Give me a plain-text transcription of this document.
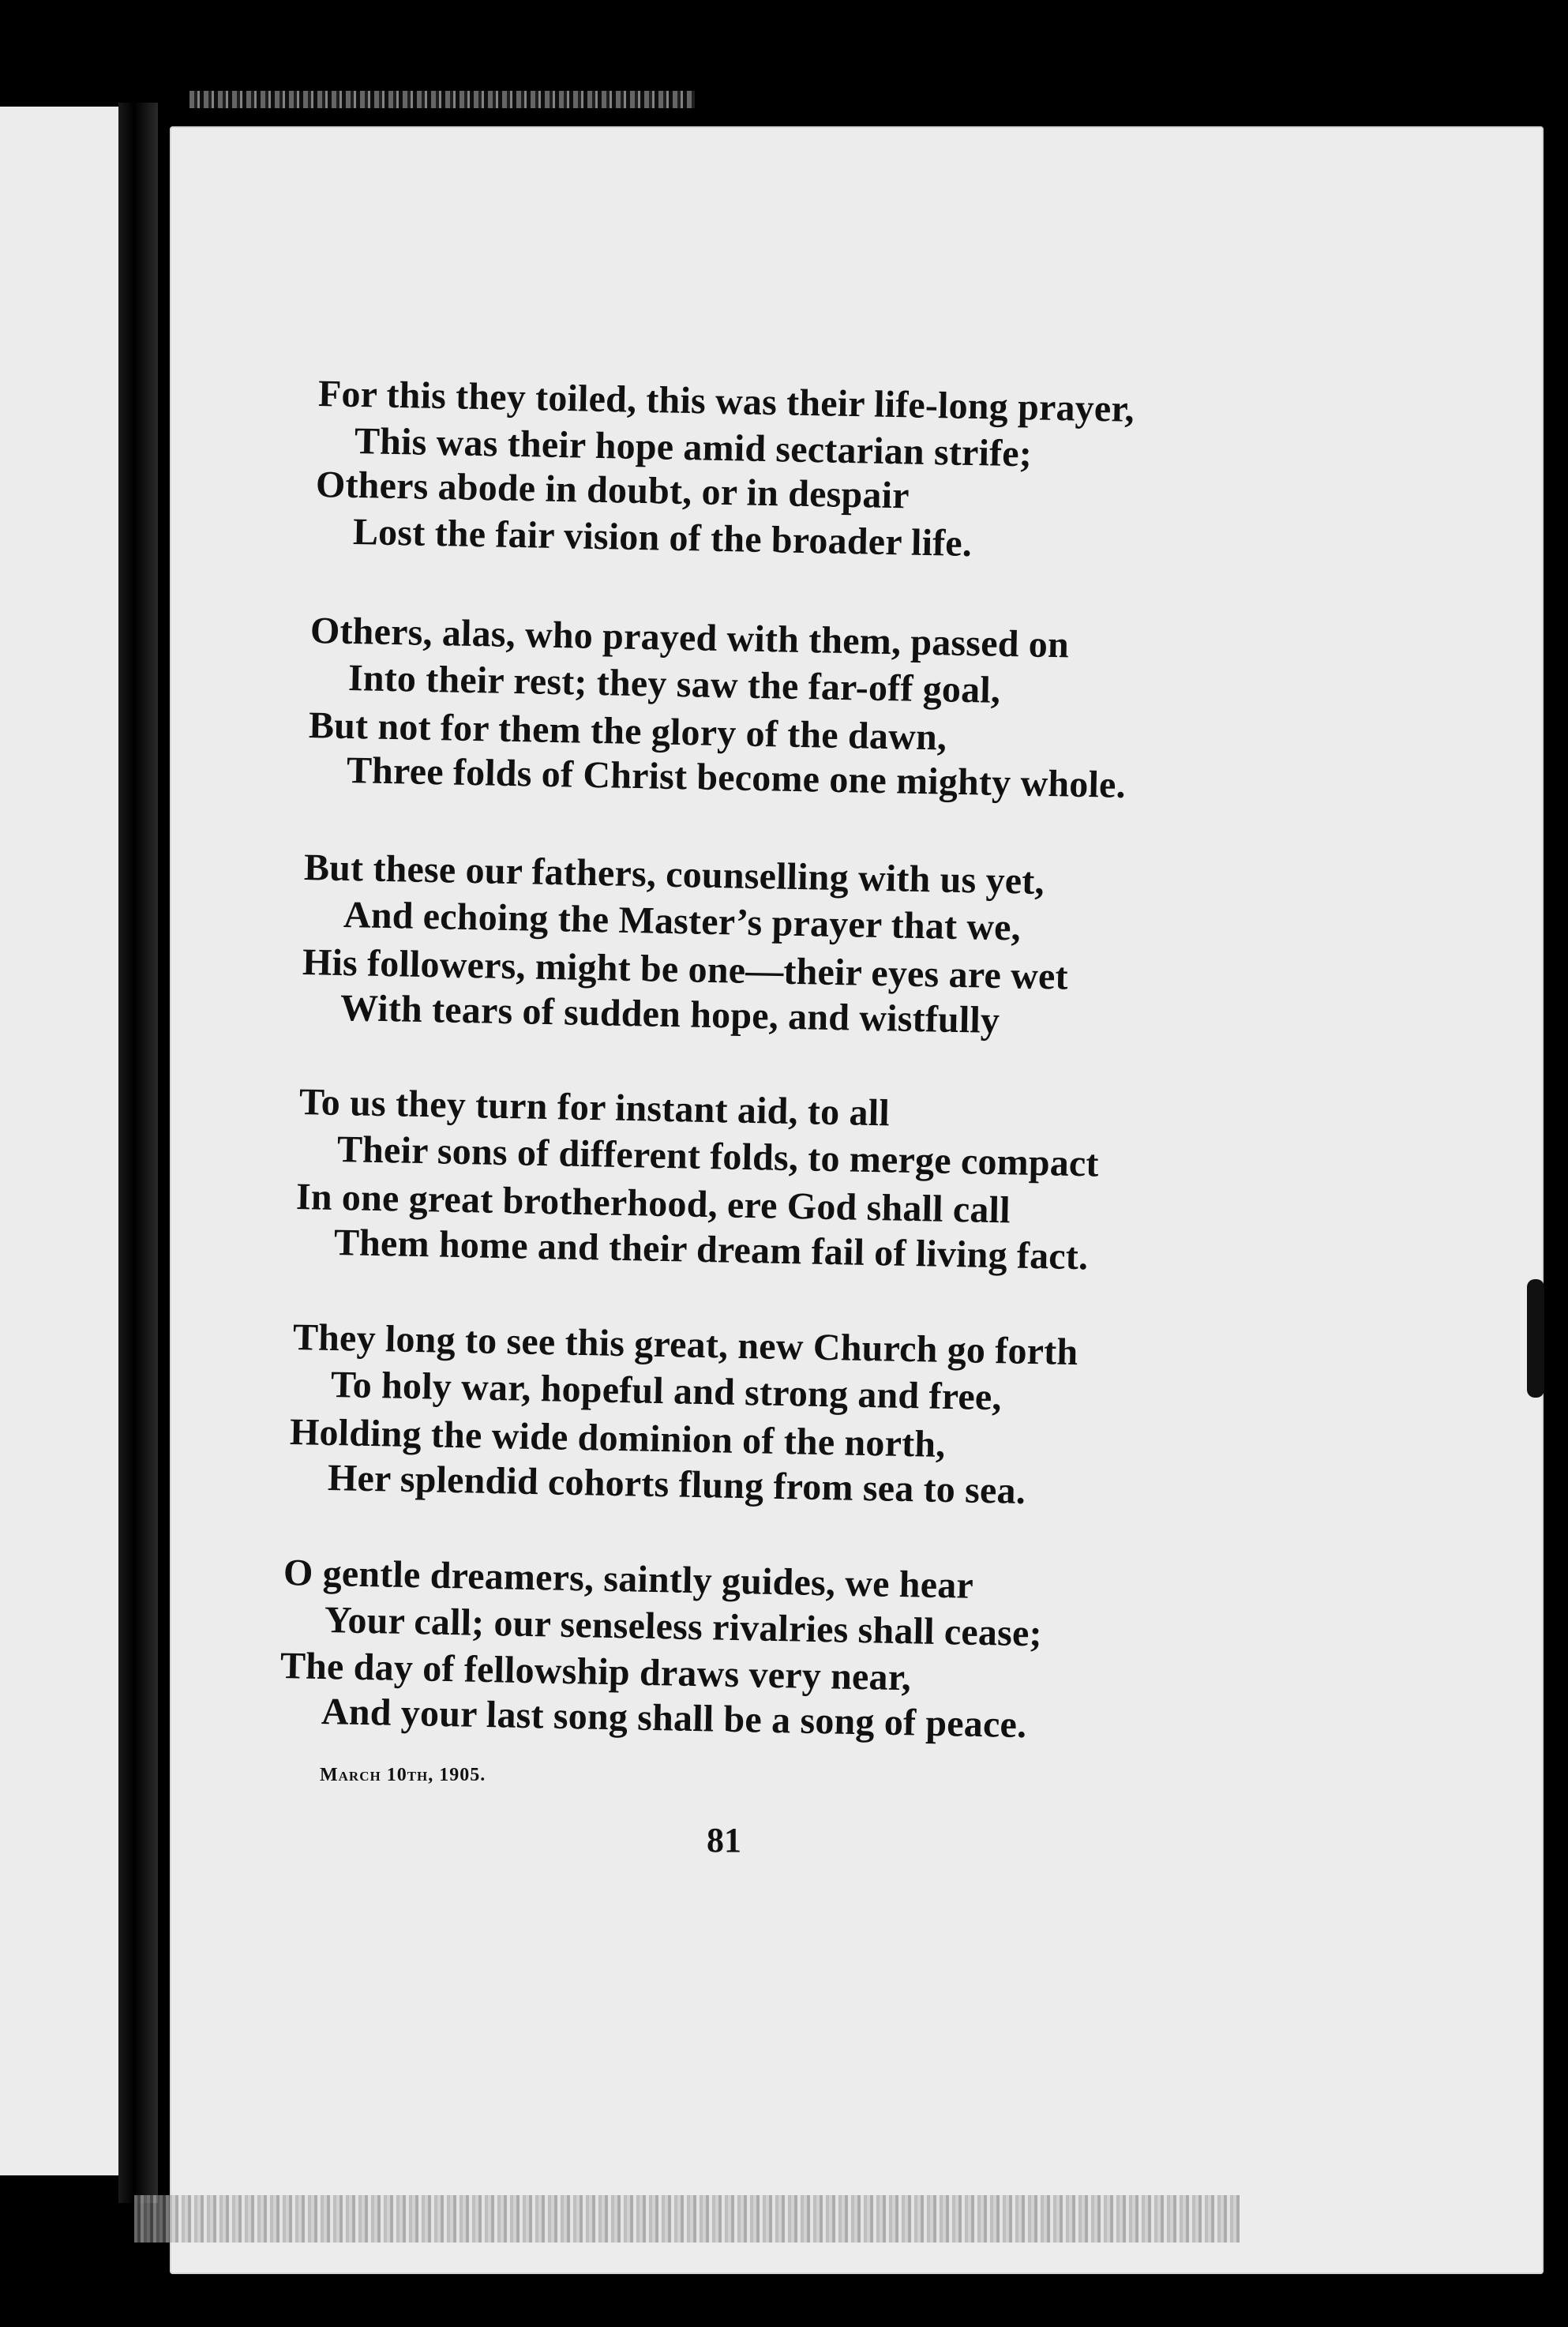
For this they toiled, this was their life-long prayer,
This was their hope amid sectarian strife;
Others abode in doubt, or in despair
Lost the fair vision of the broader life.
Others, alas, who prayed with them, passed on
Into their rest; they saw the far-off goal,
But not for them the glory of the dawn,
Three folds of Christ become one mighty whole.
But these our fathers, counselling with us yet,
And echoing the Master’s prayer that we,
His followers, might be one—their eyes are wet
With tears of sudden hope, and wistfully
To us they turn for instant aid, to all
Their sons of different folds, to merge compact
In one great brotherhood, ere God shall call
Them home and their dream fail of living fact.
They long to see this great, new Church go forth
To holy war, hopeful and strong and free,
Holding the wide dominion of the north,
Her splendid cohorts flung from sea to sea.
O gentle dreamers, saintly guides, we hear
Your call; our senseless rivalries shall cease;
The day of fellowship draws very near,
And your last song shall be a song of peace.
March 10th, 1905.
81
